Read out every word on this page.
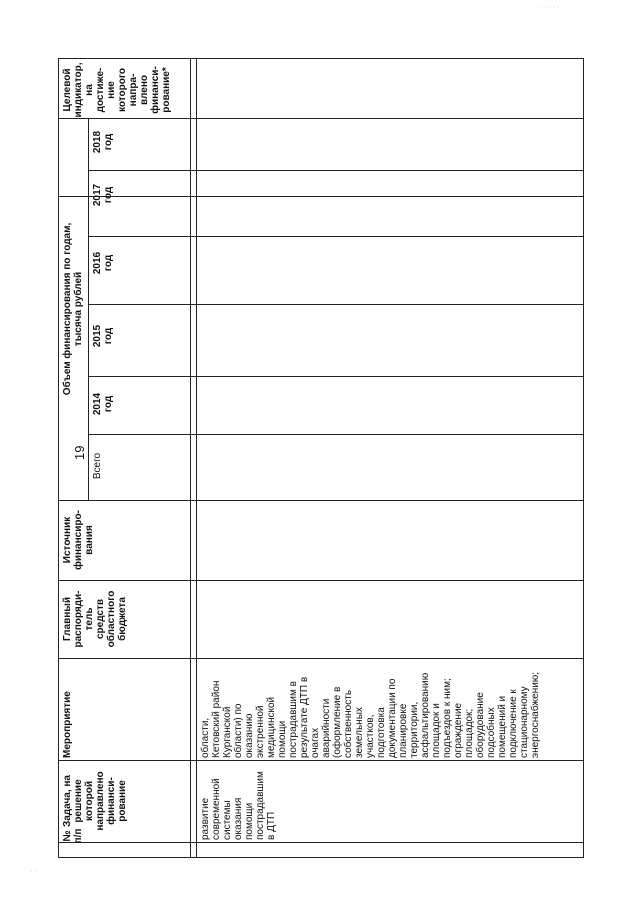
19
№
п/п
Задача, на
решение
которой
направлено
финанси-
рование
Мероприятие
Главный
распоряди-
тель
средств
областного
бюджета
Источник
финансиро-
вания
Объем финансирования по годам,
тысяча рублей
Всего
2014
год
2015
год
2016
год
2017
год
2018
год
Целевой
индикатор,
на
достиже-
ние
которого
напра-
влено
финанси-
рование*
развитие
современной
системы
оказания
помощи
пострадавшим
в ДТП
области,
Кетовский район
Курганской
области) по
оказанию
экстренной
медицинской
помощи
пострадавшим в
результате ДТП в
очагах
аварийности
(оформление в
собственность
земельных
участков,
подготовка
документации по
планировке
территории,
асфальтированию
площадок и
подъездов к ним;
ограждение
площадок;
оборудование
подсобных
помещений и
подключение к
стационарному
энергоснабжению;
· ·
· · · · ·
